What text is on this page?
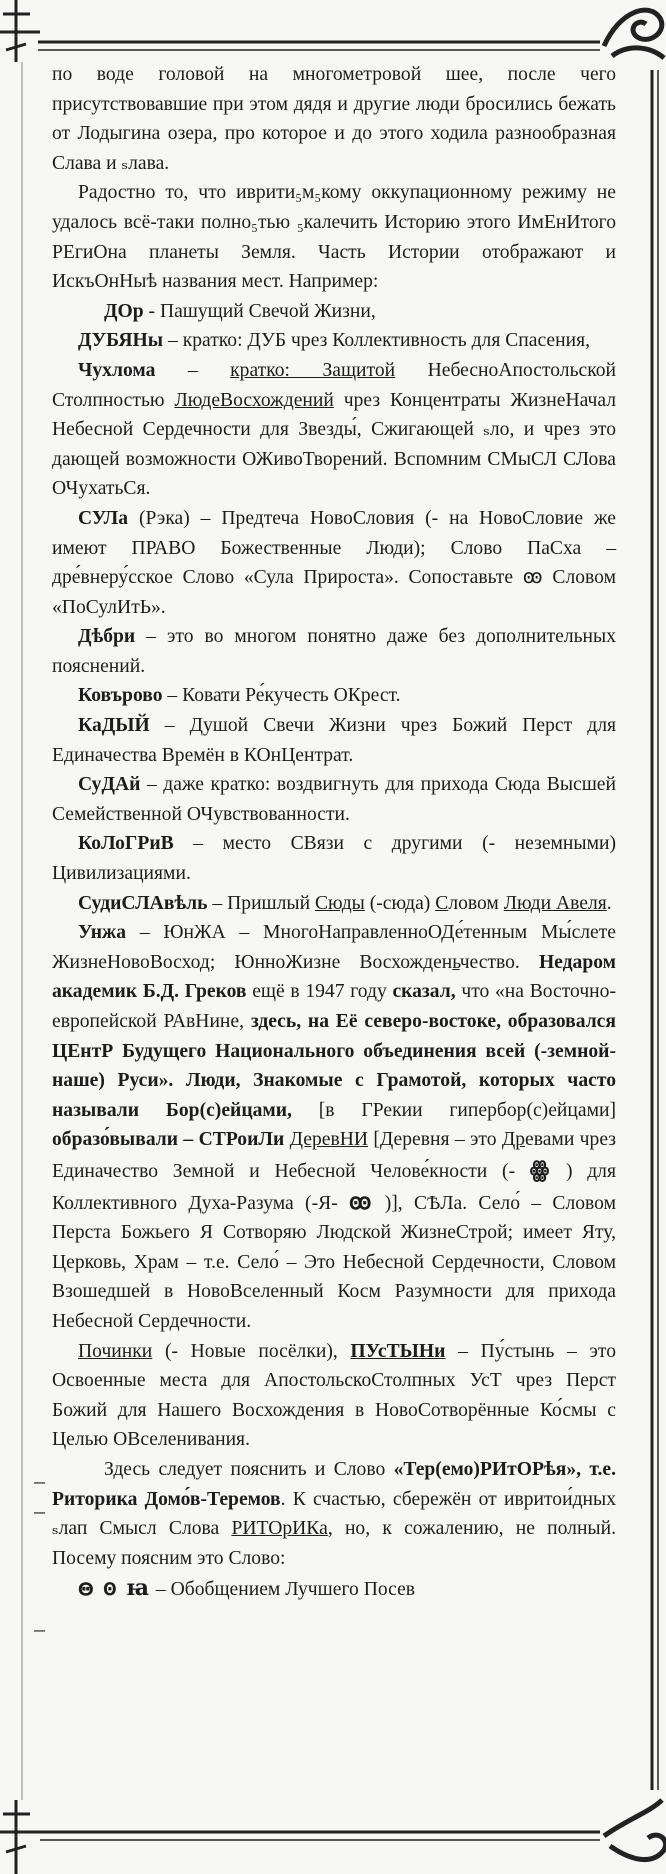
по воде головой на многометровой шее, после чего присутствовавшие при этом дядя и другие люди бросились бежать от Лодыгина озера, про которое и до этого ходила разнообразная Слава и ₛлава.

Радостно то, что иврити₅м₅кому оккупационному режиму не удалось всё-таки полно₅тью ₅калечить Историю этого ИмЕнИтого РЕгиОна планеты Земля. Часть Истории отображают и ИскъОнНыѣ названия мест. Например:

ДОр - Пашущий Свечой Жизни,

ДУБЯНы – кратко: ДУБ чрез Коллективность для Спасения,

Чухлома – кратко: Защитой НебесноАпостольской Столпностью ЛюдеВосхождений чрез Концентраты ЖизнеНачал Небесной Сердечности для Звезды́, Сжигающей ₛло, и чрез это дающей возможности ОЖивоТворений. Вспомним СМыСЛ СЛова ОЧухатьСя.

СУЛа (Рэка) – Предтеча НовоСловия (- на НовоСловие же имеют ПРАВО Божественные Люди); Слово ПаСха – дре́внеру́сское Слово «Сула Прироста». Сопоставьте ꙭ Словом «ПоСулИтЬ».

Дѣбри – это во многом понятно даже без дополнительных пояснений.

Ковърово – Ковати Ре́кучесть ОКрест.

КаДЫЙ – Душой Свечи Жизни чрез Божий Перст для Единачества Времён в КОнЦентрат.

СуДАй – даже кратко: воздвигнуть для прихода Сюда Высшей Семейственной ОЧувствованности.

КоЛоГРиВ – место СВязи с другими (- неземными) Цивилизациями.

СудиСЛАвѣль – Пришлый Сюды (-сюда) Словом Люди Авеля.

Унжа – ЮнЖА – МногоНаправленноОДе́тенным Мы́слете ЖизнеНовоВосход; ЮнноЖизне Восхожденьчество. Недаром академик Б.Д. Греков ещё в 1947 году сказал, что «на Восточно-европейской РАвНине, здесь, на Её северо-востоке, образовался ЦЕнтР Будущего Национального объединения всей (-земной-наше) Руси». Люди, Знакомые с Грамотой, которых часто называли Бор(с)ейцами, [в ГРекии гипербор(с)ейцами] образо́вывали – СТРоиЛи ДеревНИ [Деревня – это Древами чрез Единачество Земной и Небесной Челове́кности (- ꙮ ) для Коллективного Духа-Разума (-Я- ꙭ )], СѢЛа. Село́ – Словом Перста Божьего Я Сотворяю Людской ЖизнеСтрой; имеет Яту, Церковь, Храм – т.е. Село́ – Это Небесной Сердечности, Словом Взошедшей в НовоВселенный Косм Разумности для прихода Небесной Сердечности.

Починки (- Новые посёлки), ПУсТЫНи – Пу́стынь – это Освоенные места для АпостольскоСтолпных УсТ чрез Перст Божий для Нашего Восхождения в НовоСотворённые Ко́смы с Целью ОВселенивания.

Здесь следует пояснить и Слово «Тер(емо)РИтОРѣя», т.е. Риторика Домо́в-Теремов. К счастью, сбережён от ивритои́дных ₛлап Смысл Слова РИТОрИКа, но, к сожалению, не полный. Посему поясним это Слово:

ꙫ ꙩ ꙗ – Обобщением Лучшего Посев

–
–
–
